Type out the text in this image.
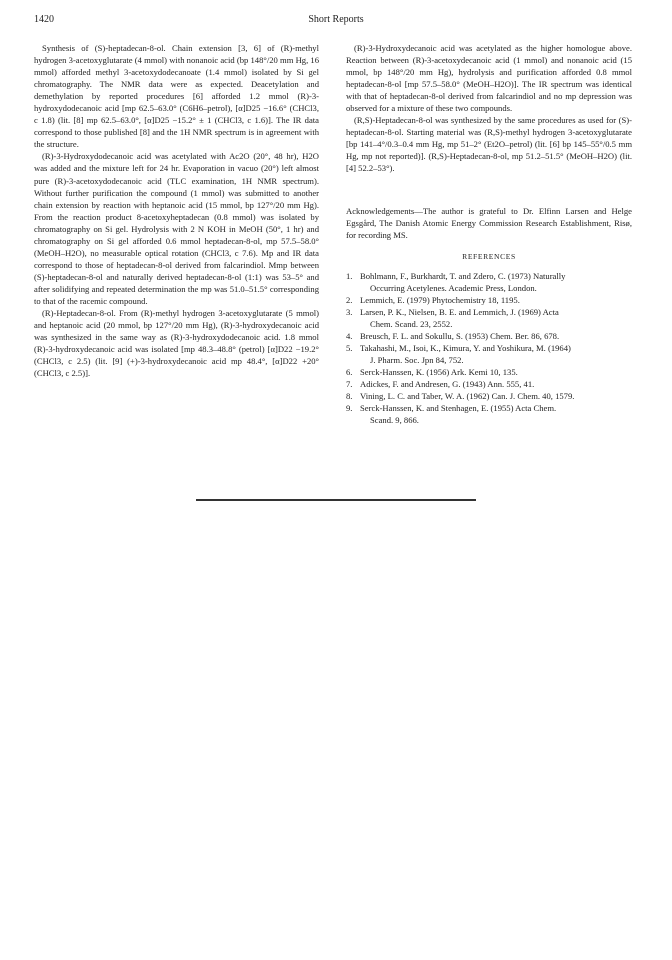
1420	Short Reports

Synthesis of (S)-heptadecan-8-ol. Chain extension [3, 6] of (R)-methyl hydrogen 3-acetoxyglutarate (4 mmol) with nonanoic acid (bp 148°/20 mm Hg, 16 mmol) afforded methyl 3-acetoxydodecanoate (1.4 mmol) isolated by Si gel chromatography. The NMR data were as expected. Deacetylation and demethylation by reported procedures [6] afforded 1.2 mmol (R)-3-hydroxydodecanoic acid [mp 62.5–63.0° (C6H6–petrol), [α]D25 −16.6° (CHCl3, c 1.8) (lit. [8] mp 62.5–63.0°, [α]D25 −15.2° ± 1 (CHCl3, c 1.6)]. The IR data correspond to those published [8] and the 1H NMR spectrum is in agreement with the structure.

(R)-3-Hydroxydodecanoic acid was acetylated with Ac2O (20°, 48 hr), H2O was added and the mixture left for 24 hr. Evaporation in vacuo (20°) left almost pure (R)-3-acetoxydodecanoic acid (TLC examination, 1H NMR spectrum). Without further purification the compound (1 mmol) was submitted to another chain extension by reaction with heptanoic acid (15 mmol, bp 127°/20 mm Hg). From the reaction product 8-acetoxyheptadecan (0.8 mmol) was isolated by chromatography on Si gel. Hydrolysis with 2 N KOH in MeOH (50°, 1 hr) and chromatography on Si gel afforded 0.6 mmol heptadecan-8-ol, mp 57.5–58.0° (MeOH–H2O), no measurable optical rotation (CHCl3, c 7.6). Mp and IR data correspond to those of heptadecan-8-ol derived from falcarindiol. Mmp between (S)-heptadecan-8-ol and naturally derived heptadecan-8-ol (1:1) was 53–5° and after solidifying and repeated determination the mp was 51.0–51.5° corresponding to that of the racemic compound.

(R)-Heptadecan-8-ol. From (R)-methyl hydrogen 3-acetoxyglutarate (5 mmol) and heptanoic acid (20 mmol, bp 127°/20 mm Hg), (R)-3-hydroxydecanoic acid was synthesized in the same way as (R)-3-hydroxydodecanoic acid. 1.8 mmol (R)-3-hydroxydecanoic acid was isolated [mp 48.3–48.8° (petrol) [α]D22 −19.2° (CHCl3, c 2.5) (lit. [9] (+)-3-hydroxydecanoic acid mp 48.4°, [α]D22 +20° (CHCl3, c 2.5)].

(R)-3-Hydroxydecanoic acid was acetylated as the higher homologue above. Reaction between (R)-3-acetoxydecanoic acid (1 mmol) and nonanoic acid (15 mmol, bp 148°/20 mm Hg), hydrolysis and purification afforded 0.8 mmol heptadecan-8-ol [mp 57.5–58.0° (MeOH–H2O)]. The IR spectrum was identical with that of heptadecan-8-ol derived from falcarindiol and no mp depression was observed for a mixture of these two compounds.

(R,S)-Heptadecan-8-ol was synthesized by the same procedures as used for (S)-heptadecan-8-ol. Starting material was (R,S)-methyl hydrogen 3-acetoxyglutarate [bp 141–4°/0.3–0.4 mm Hg, mp 51–2° (Et2O–petrol) (lit. [6] bp 145–55°/0.5 mm Hg, mp not reported)]. (R,S)-Heptadecan-8-ol, mp 51.2–51.5° (MeOH–H2O) (lit. [4] 52.2–53°).

Acknowledgements—The author is grateful to Dr. Elfinn Larsen and Helge Egsgård, The Danish Atomic Energy Commission Research Establishment, Risø, for recording MS.

REFERENCES
1. Bohlmann, F., Burkhardt, T. and Zdero, C. (1973) Naturally
Occurring Acetylenes. Academic Press, London.
2. Lemmich, E. (1979) Phytochemistry 18, 1195.
3. Larsen, P. K., Nielsen, B. E. and Lemmich, J. (1969) Acta
Chem. Scand. 23, 2552.
4. Breusch, F. L. and Sokullu, S. (1953) Chem. Ber. 86, 678.
5. Takahashi, M., Isoi, K., Kimura, Y. and Yoshikura, M. (1964)
J. Pharm. Soc. Jpn 84, 752.
6. Serck-Hanssen, K. (1956) Ark. Kemi 10, 135.
7. Adickes, F. and Andresen, G. (1943) Ann. 555, 41.
8. Vining, L. C. and Taber, W. A. (1962) Can. J. Chem. 40, 1579.
9. Serck-Hanssen, K. and Stenhagen, E. (1955) Acta Chem.
Scand. 9, 866.
